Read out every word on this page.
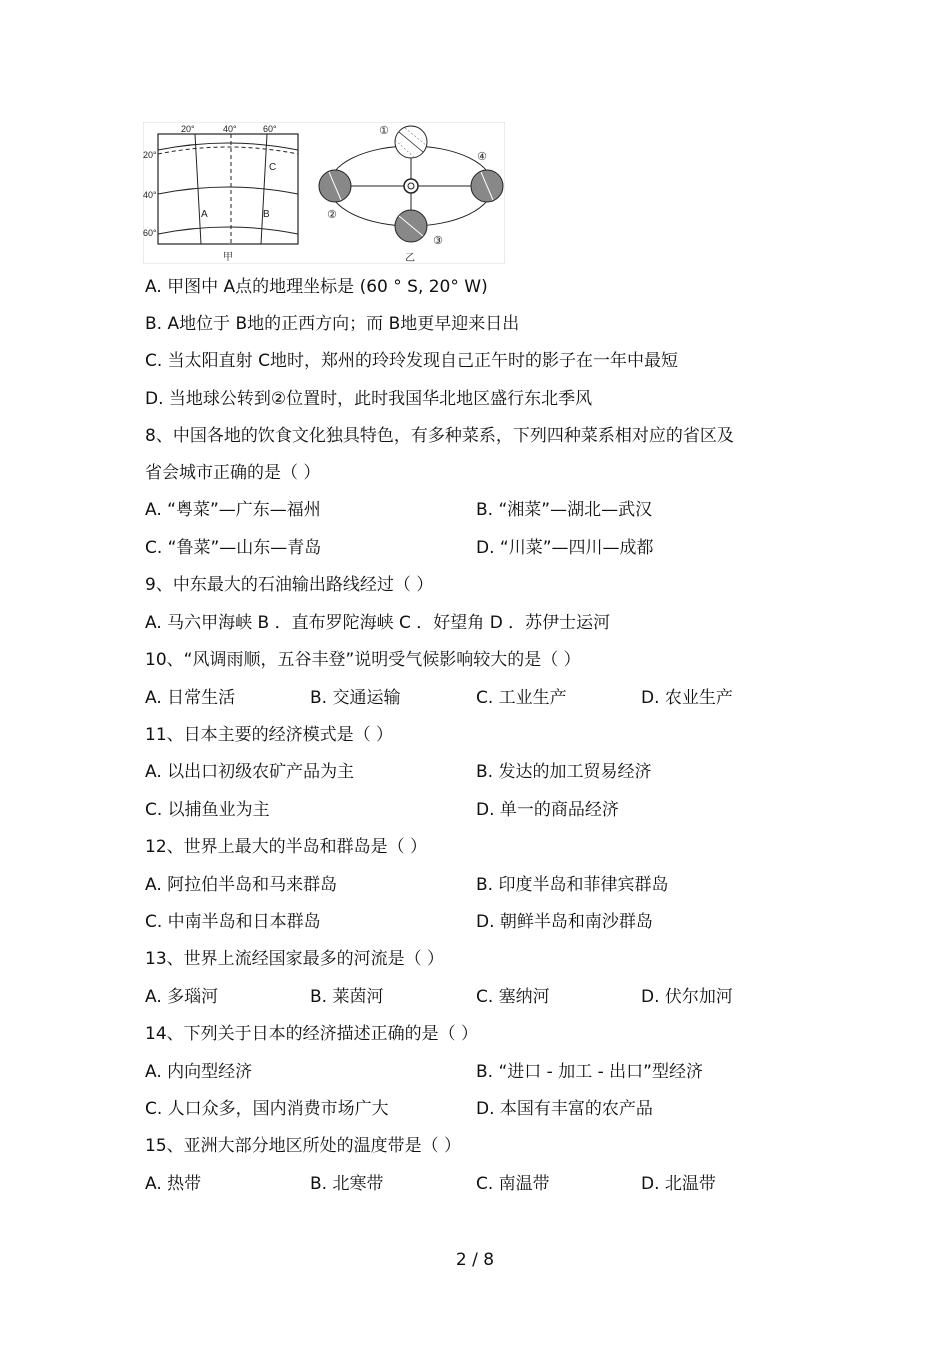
20°	40°	60°
20°
40°
60°
A	B
C
甲
①
②
③
④
乙
A. 甲图中 A点的地理坐标是 (60 ° S, 20° W)
B. A地位于 B地的正西方向；而 B地更早迎来日出
C. 当太阳直射 C地时，郑州的玲玲发现自己正午时的影子在一年中最短
D. 当地球公转到②位置时，此时我国华北地区盛行东北季风
8、中国各地的饮食文化独具特色，有多种菜系，下列四种菜系相对应的省区及
省会城市正确的是（ ）
A. “粤菜”—广东—福州	B. “湘菜”—湖北—武汉
C. “鲁菜”—山东—青岛	D. “川菜”—四川—成都
9、中东最大的石油输出路线经过（ ）
A. 马六甲海峡 B ．直布罗陀海峡 C ．好望角 D ．苏伊士运河
10、“风调雨顺，五谷丰登”说明受气候影响较大的是（ ）
A. 日常生活	B. 交通运输	C. 工业生产	D. 农业生产
11、日本主要的经济模式是（ ）
A. 以出口初级农矿产品为主	B. 发达的加工贸易经济
C. 以捕鱼业为主	D. 单一的商品经济
12、世界上最大的半岛和群岛是（ ）
A. 阿拉伯半岛和马来群岛	B. 印度半岛和菲律宾群岛
C. 中南半岛和日本群岛	D. 朝鲜半岛和南沙群岛
13、世界上流经国家最多的河流是（ ）
A. 多瑙河	B. 莱茵河	C. 塞纳河	D. 伏尔加河
14、下列关于日本的经济描述正确的是（ ）
A. 内向型经济	B. “进口 - 加工 - 出口”型经济
C. 人口众多，国内消费市场广大	D. 本国有丰富的农产品
15、亚洲大部分地区所处的温度带是（ ）
A. 热带	B. 北寒带	C. 南温带	D. 北温带
2 / 8
